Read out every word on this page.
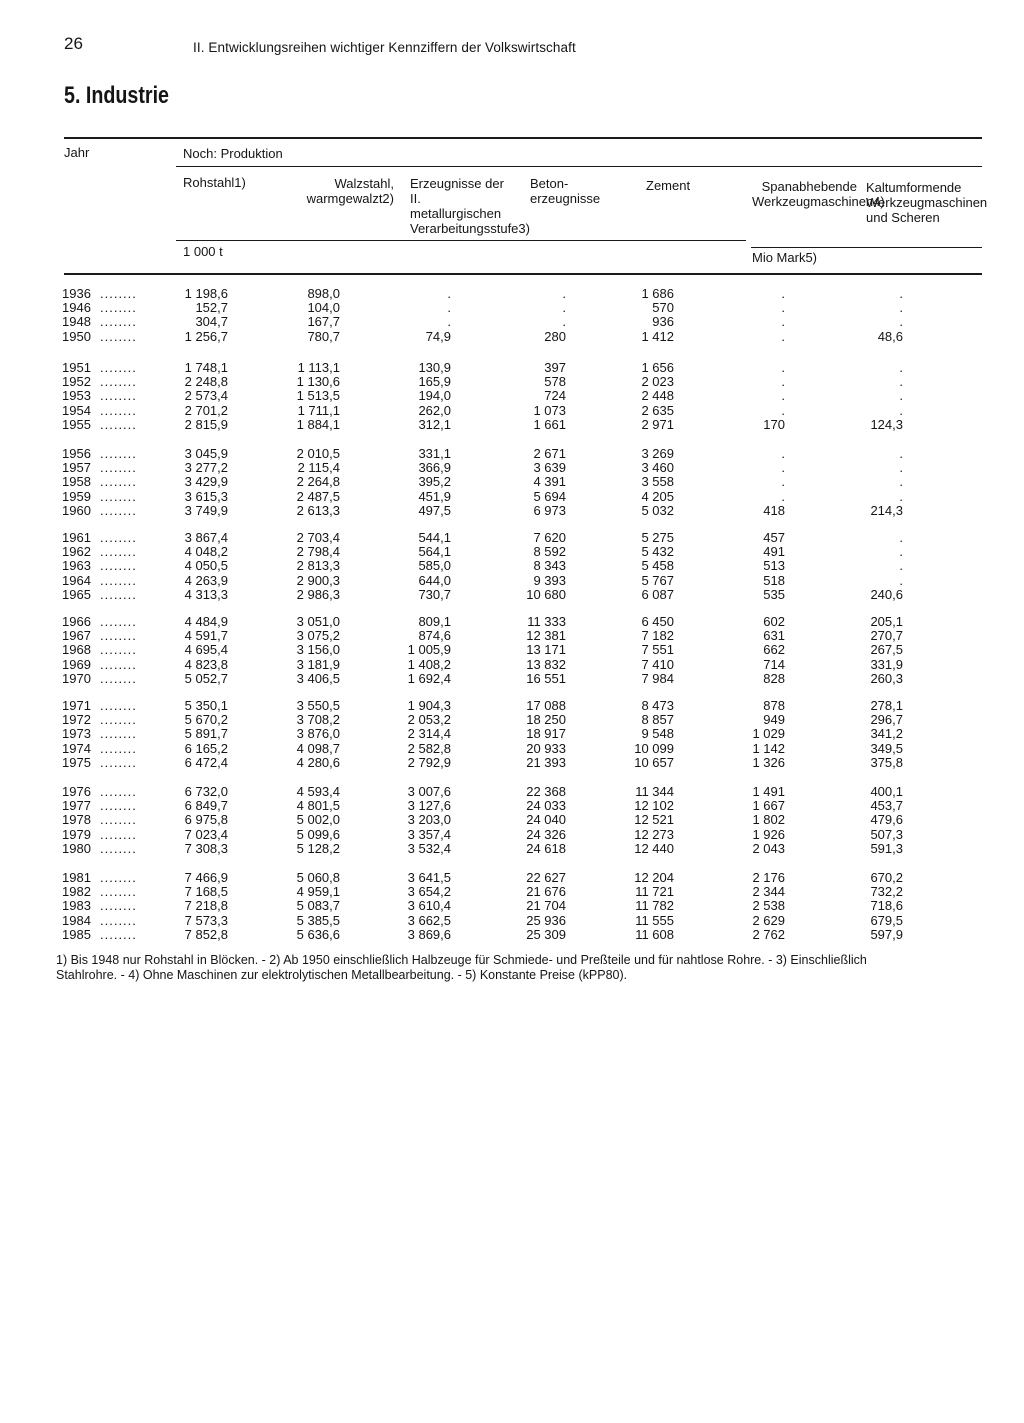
26	II. Entwicklungsreihen wichtiger Kennziffern der Volkswirtschaft
5. Industrie
Jahr	Noch: Produktion
Rohstahl1)	Walzstahl, warmgewalzt2)
Erzeugnisse der II. metallurgischen Verarbeitungsstufe3)
Beton-erzeugnisse
Zement	Spanabhebende Werkzeugmaschinen4)
Kaltumformende Werkzeugmaschinen und Scheren
1 000 t	Mio Mark5)
1936 ........	1 198,6	898,0	.	.	1 686	.	.
1946 ........	152,7	104,0	.	.	570	.	.
1948 ........	304,7	167,7	.	.	936	.	.
1950 ........	1 256,7	780,7	74,9	280	1 412	.	48,6
1951 ........	1 748,1	1 113,1	130,9	397	1 656	.	.
1952 ........	2 248,8	1 130,6	165,9	578	2 023	.	.
1953 ........	2 573,4	1 513,5	194,0	724	2 448	.	.
1954 ........	2 701,2	1 711,1	262,0	1 073	2 635	.	.
1955 ........	2 815,9	1 884,1	312,1	1 661	2 971	170	124,3
1956 ........	3 045,9	2 010,5	331,1	2 671	3 269	.	.
1957 ........	3 277,2	2 115,4	366,9	3 639	3 460	.	.
1958 ........	3 429,9	2 264,8	395,2	4 391	3 558	.	.
1959 ........	3 615,3	2 487,5	451,9	5 694	4 205	.	.
1960 ........	3 749,9	2 613,3	497,5	6 973	5 032	418	214,3
1961 ........	3 867,4	2 703,4	544,1	7 620	5 275	457	.
1962 ........	4 048,2	2 798,4	564,1	8 592	5 432	491	.
1963 ........	4 050,5	2 813,3	585,0	8 343	5 458	513	.
1964 ........	4 263,9	2 900,3	644,0	9 393	5 767	518	.
1965 ........	4 313,3	2 986,3	730,7	10 680	6 087	535	240,6
1966 ........	4 484,9	3 051,0	809,1	11 333	6 450	602	205,1
1967 ........	4 591,7	3 075,2	874,6	12 381	7 182	631	270,7
1968 ........	4 695,4	3 156,0	1 005,9	13 171	7 551	662	267,5
1969 ........	4 823,8	3 181,9	1 408,2	13 832	7 410	714	331,9
1970 ........	5 052,7	3 406,5	1 692,4	16 551	7 984	828	260,3
1971 ........	5 350,1	3 550,5	1 904,3	17 088	8 473	878	278,1
1972 ........	5 670,2	3 708,2	2 053,2	18 250	8 857	949	296,7
1973 ........	5 891,7	3 876,0	2 314,4	18 917	9 548	1 029	341,2
1974 ........	6 165,2	4 098,7	2 582,8	20 933	10 099	1 142	349,5
1975 ........	6 472,4	4 280,6	2 792,9	21 393	10 657	1 326	375,8
1976 ........	6 732,0	4 593,4	3 007,6	22 368	11 344	1 491	400,1
1977 ........	6 849,7	4 801,5	3 127,6	24 033	12 102	1 667	453,7
1978 ........	6 975,8	5 002,0	3 203,0	24 040	12 521	1 802	479,6
1979 ........	7 023,4	5 099,6	3 357,4	24 326	12 273	1 926	507,3
1980 ........	7 308,3	5 128,2	3 532,4	24 618	12 440	2 043	591,3
1981 ........	7 466,9	5 060,8	3 641,5	22 627	12 204	2 176	670,2
1982 ........	7 168,5	4 959,1	3 654,2	21 676	11 721	2 344	732,2
1983 ........	7 218,8	5 083,7	3 610,4	21 704	11 782	2 538	718,6
1984 ........	7 573,3	5 385,5	3 662,5	25 936	11 555	2 629	679,5
1985 ........	7 852,8	5 636,6	3 869,6	25 309	11 608	2 762	597,9
1) Bis 1948 nur Rohstahl in Blöcken. - 2) Ab 1950 einschließlich Halbzeuge für Schmiede- und Preßteile und für nahtlose Rohre. - 3) Einschließlich
Stahlrohre. - 4) Ohne Maschinen zur elektrolytischen Metallbearbeitung. - 5) Konstante Preise (kPP80).
